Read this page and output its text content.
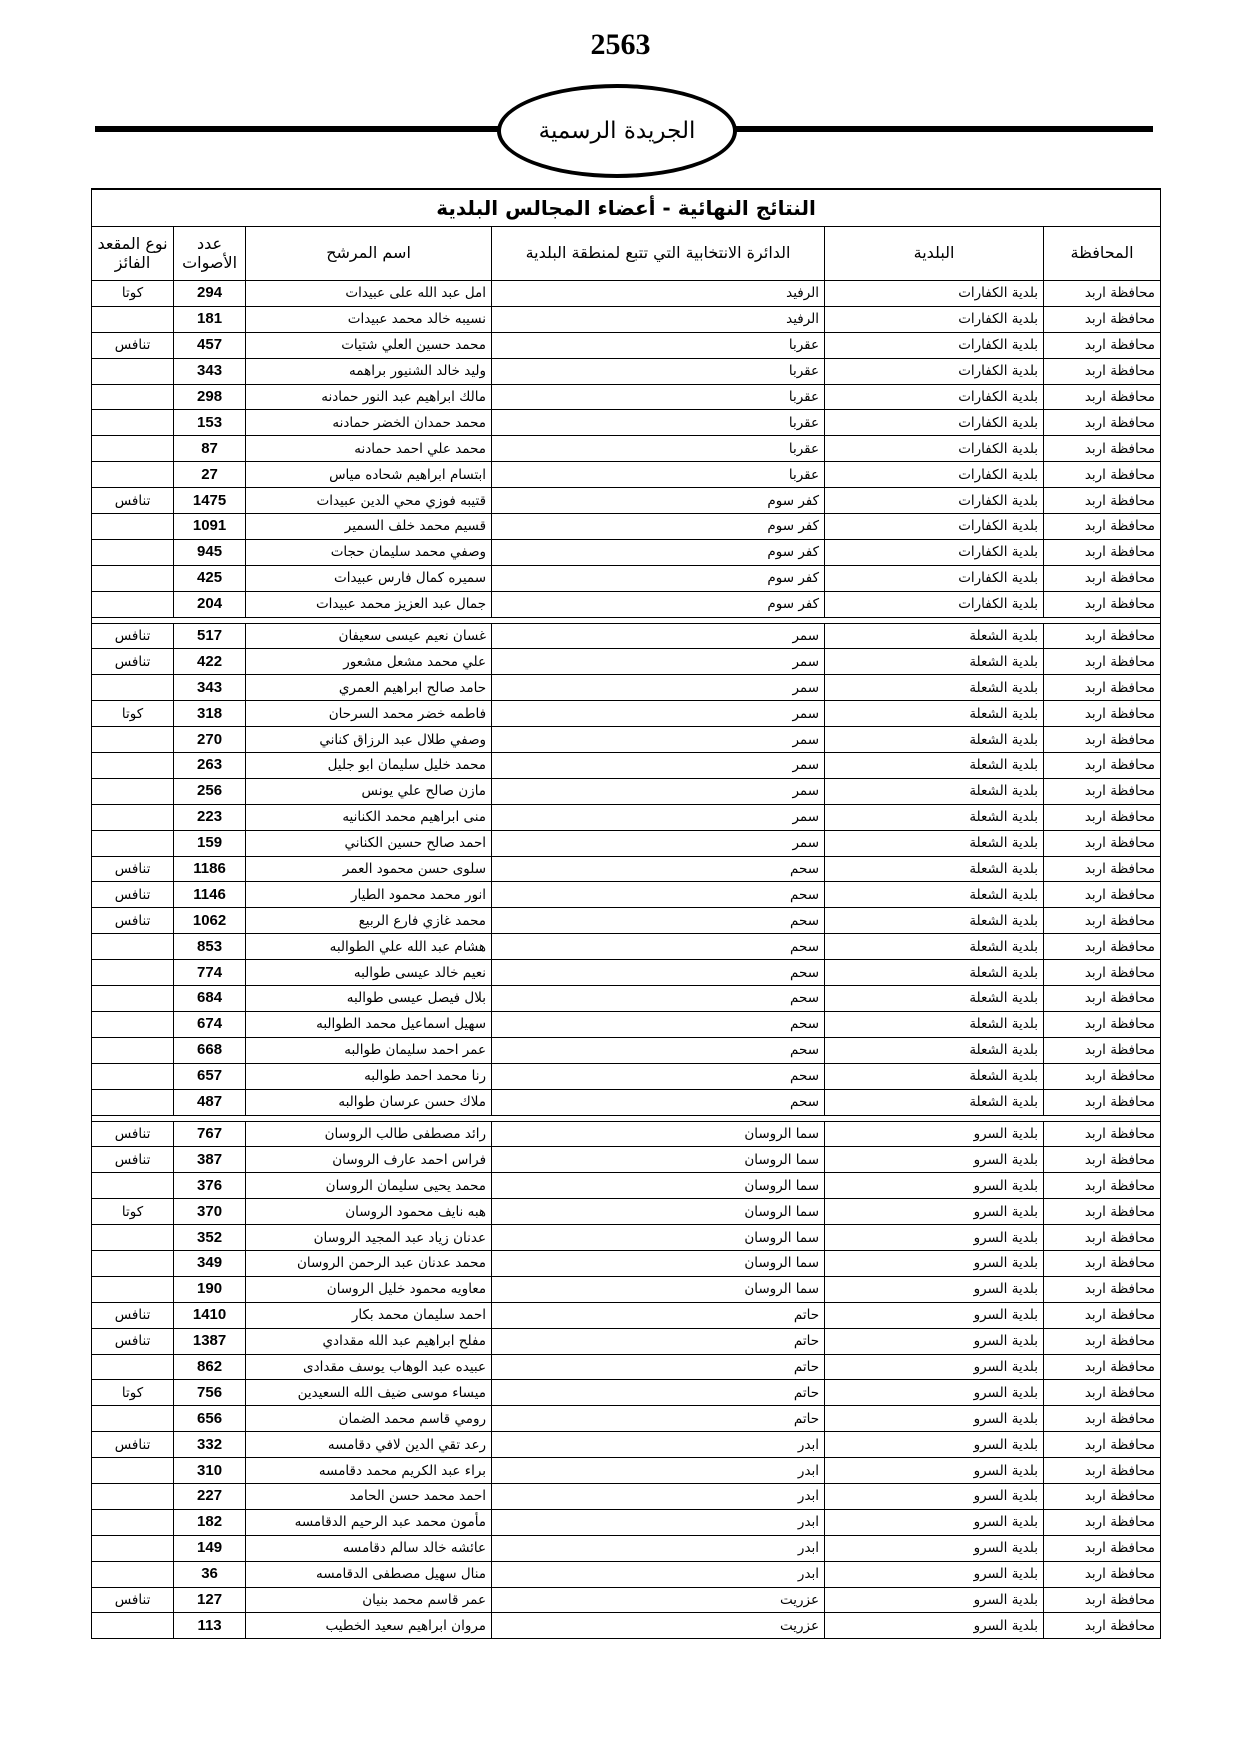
2563
الجريدة الرسمية
النتائج النهائية - أعضاء المجالس البلدية					
المحافظة	البلدية	الدائرة الانتخابية التي تتبع لمنطقة البلدية	اسم المرشح	عدد الأصوات	نوع المقعد الفائز
محافظة اربد	بلدية الكفارات	الرفيد	امل عبد الله على عبيدات	294	كوتا
محافظة اربد	بلدية الكفارات	الرفيد	نسيبه خالد محمد عبيدات	181	
محافظة اربد	بلدية الكفارات	عقربا	محمد حسين العلي شتيات	457	تنافس
محافظة اربد	بلدية الكفارات	عقربا	وليد خالد الشنيور براهمه	343	
محافظة اربد	بلدية الكفارات	عقربا	مالك ابراهيم عبد النور حمادنه	298	
محافظة اربد	بلدية الكفارات	عقربا	محمد حمدان الخضر حمادنه	153	
محافظة اربد	بلدية الكفارات	عقربا	محمد علي احمد حمادنه	87	
محافظة اربد	بلدية الكفارات	عقربا	ابتسام ابراهيم شحاده مياس	27	
محافظة اربد	بلدية الكفارات	كفر سوم	قتيبه فوزي محي الدين عبيدات	1475	تنافس
محافظة اربد	بلدية الكفارات	كفر سوم	قسيم محمد خلف السمير	1091	
محافظة اربد	بلدية الكفارات	كفر سوم	وصفي محمد سليمان حجات	945	
محافظة اربد	بلدية الكفارات	كفر سوم	سميره كمال فارس عبيدات	425	
محافظة اربد	بلدية الكفارات	كفر سوم	جمال عبد العزيز محمد عبيدات	204	

محافظة اربد	بلدية الشعلة	سمر	غسان نعيم عيسى سعيفان	517	تنافس
محافظة اربد	بلدية الشعلة	سمر	علي محمد مشعل مشعور	422	تنافس
محافظة اربد	بلدية الشعلة	سمر	حامد صالح ابراهيم العمري	343	
محافظة اربد	بلدية الشعلة	سمر	فاطمه خضر محمد السرحان	318	كوتا
محافظة اربد	بلدية الشعلة	سمر	وصفي طلال عبد الرزاق كناني	270	
محافظة اربد	بلدية الشعلة	سمر	محمد خليل سليمان ابو جليل	263	
محافظة اربد	بلدية الشعلة	سمر	مازن صالح علي يونس	256	
محافظة اربد	بلدية الشعلة	سمر	منى ابراهيم محمد الكنانيه	223	
محافظة اربد	بلدية الشعلة	سمر	احمد صالح حسين الكناني	159	
محافظة اربد	بلدية الشعلة	سحم	سلوى حسن محمود العمر	1186	تنافس
محافظة اربد	بلدية الشعلة	سحم	انور محمد محمود الطيار	1146	تنافس
محافظة اربد	بلدية الشعلة	سحم	محمد غازي فارع الربيع	1062	تنافس
محافظة اربد	بلدية الشعلة	سحم	هشام عبد الله علي الطوالبه	853	
محافظة اربد	بلدية الشعلة	سحم	نعيم خالد عيسى طوالبه	774	
محافظة اربد	بلدية الشعلة	سحم	بلال فيصل عيسى طوالبه	684	
محافظة اربد	بلدية الشعلة	سحم	سهيل اسماعيل محمد الطوالبه	674	
محافظة اربد	بلدية الشعلة	سحم	عمر احمد سليمان طوالبه	668	
محافظة اربد	بلدية الشعلة	سحم	رنا محمد احمد طوالبه	657	
محافظة اربد	بلدية الشعلة	سحم	ملاك حسن عرسان طوالبه	487	

محافظة اربد	بلدية السرو	سما الروسان	رائد مصطفى طالب الروسان	767	تنافس
محافظة اربد	بلدية السرو	سما الروسان	فراس احمد عارف الروسان	387	تنافس
محافظة اربد	بلدية السرو	سما الروسان	محمد يحيى سليمان الروسان	376	
محافظة اربد	بلدية السرو	سما الروسان	هبه نايف محمود الروسان	370	كوتا
محافظة اربد	بلدية السرو	سما الروسان	عدنان زياد عبد المجيد الروسان	352	
محافظة اربد	بلدية السرو	سما الروسان	محمد عدنان عبد الرحمن الروسان	349	
محافظة اربد	بلدية السرو	سما الروسان	معاويه محمود خليل الروسان	190	
محافظة اربد	بلدية السرو	حاتم	احمد سليمان محمد بكار	1410	تنافس
محافظة اربد	بلدية السرو	حاتم	مفلح ابراهيم عبد الله مقدادي	1387	تنافس
محافظة اربد	بلدية السرو	حاتم	عبيده عبد الوهاب يوسف مقدادى	862	
محافظة اربد	بلدية السرو	حاتم	ميساء موسى ضيف الله السعيدين	756	كوتا
محافظة اربد	بلدية السرو	حاتم	رومي قاسم محمد الضمان	656	
محافظة اربد	بلدية السرو	ابدر	رعد تقي الدين لافي دقامسه	332	تنافس
محافظة اربد	بلدية السرو	ابدر	براء عبد الكريم محمد دقامسه	310	
محافظة اربد	بلدية السرو	ابدر	احمد محمد حسن الحامد	227	
محافظة اربد	بلدية السرو	ابدر	مأمون محمد عبد الرحيم الدقامسه	182	
محافظة اربد	بلدية السرو	ابدر	عائشه خالد سالم دقامسه	149	
محافظة اربد	بلدية السرو	ابدر	منال سهيل مصطفى الدقامسه	36	
محافظة اربد	بلدية السرو	عزريت	عمر قاسم محمد بنيان	127	تنافس
محافظة اربد	بلدية السرو	عزريت	مروان ابراهيم سعيد الخطيب	113	
